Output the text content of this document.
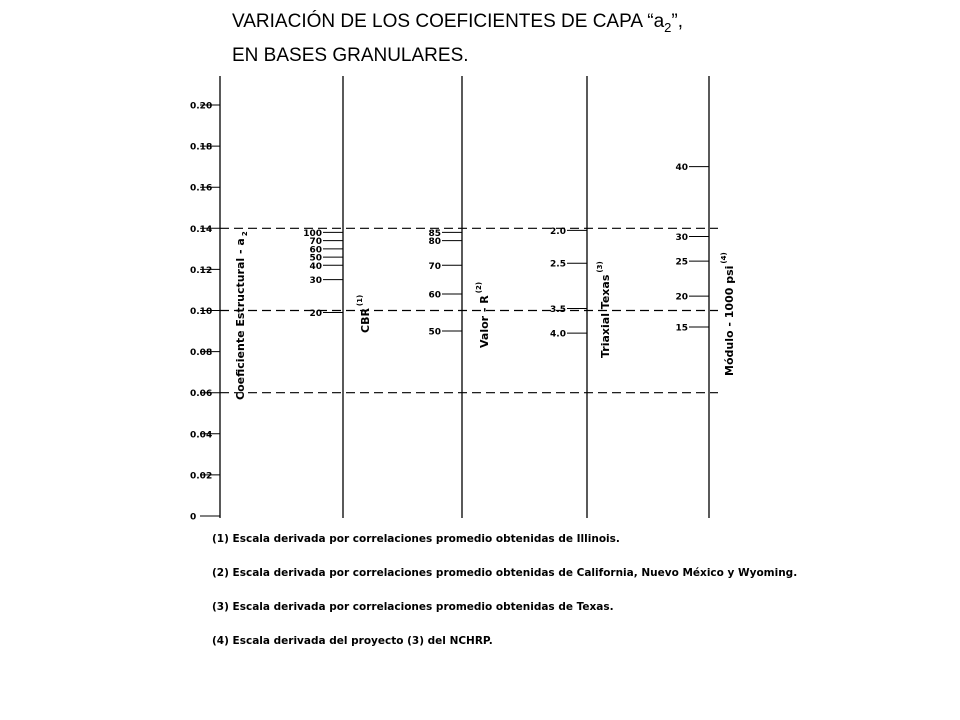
VARIACIÓN DE LOS COEFICIENTES DE CAPA “$a_2$”,
EN BASES GRANULARES.
0.20
0.18
0.16
0.14
0.12
0.10
0.08
0.06
0.04
0.02
0
100
70
60
50
40
30
20
85
80
70
60
50
2.0
2.5
3.5
4.0
40
30
25
20
15
Coeficiente Estructural - $a_2$
CBR$^{(1)}$	Valor - $R^{(2)}$	Triaxial Texas$^{(3)}$	Módulo - 1000 psi$^{(4)}$
(1) Escala derivada por correlaciones promedio obtenidas de Illinois.
(2) Escala derivada por correlaciones promedio obtenidas de California, Nuevo México y Wyoming.
(3) Escala derivada por correlaciones promedio obtenidas de Texas.
(4) Escala derivada del proyecto (3) del NCHRP.
